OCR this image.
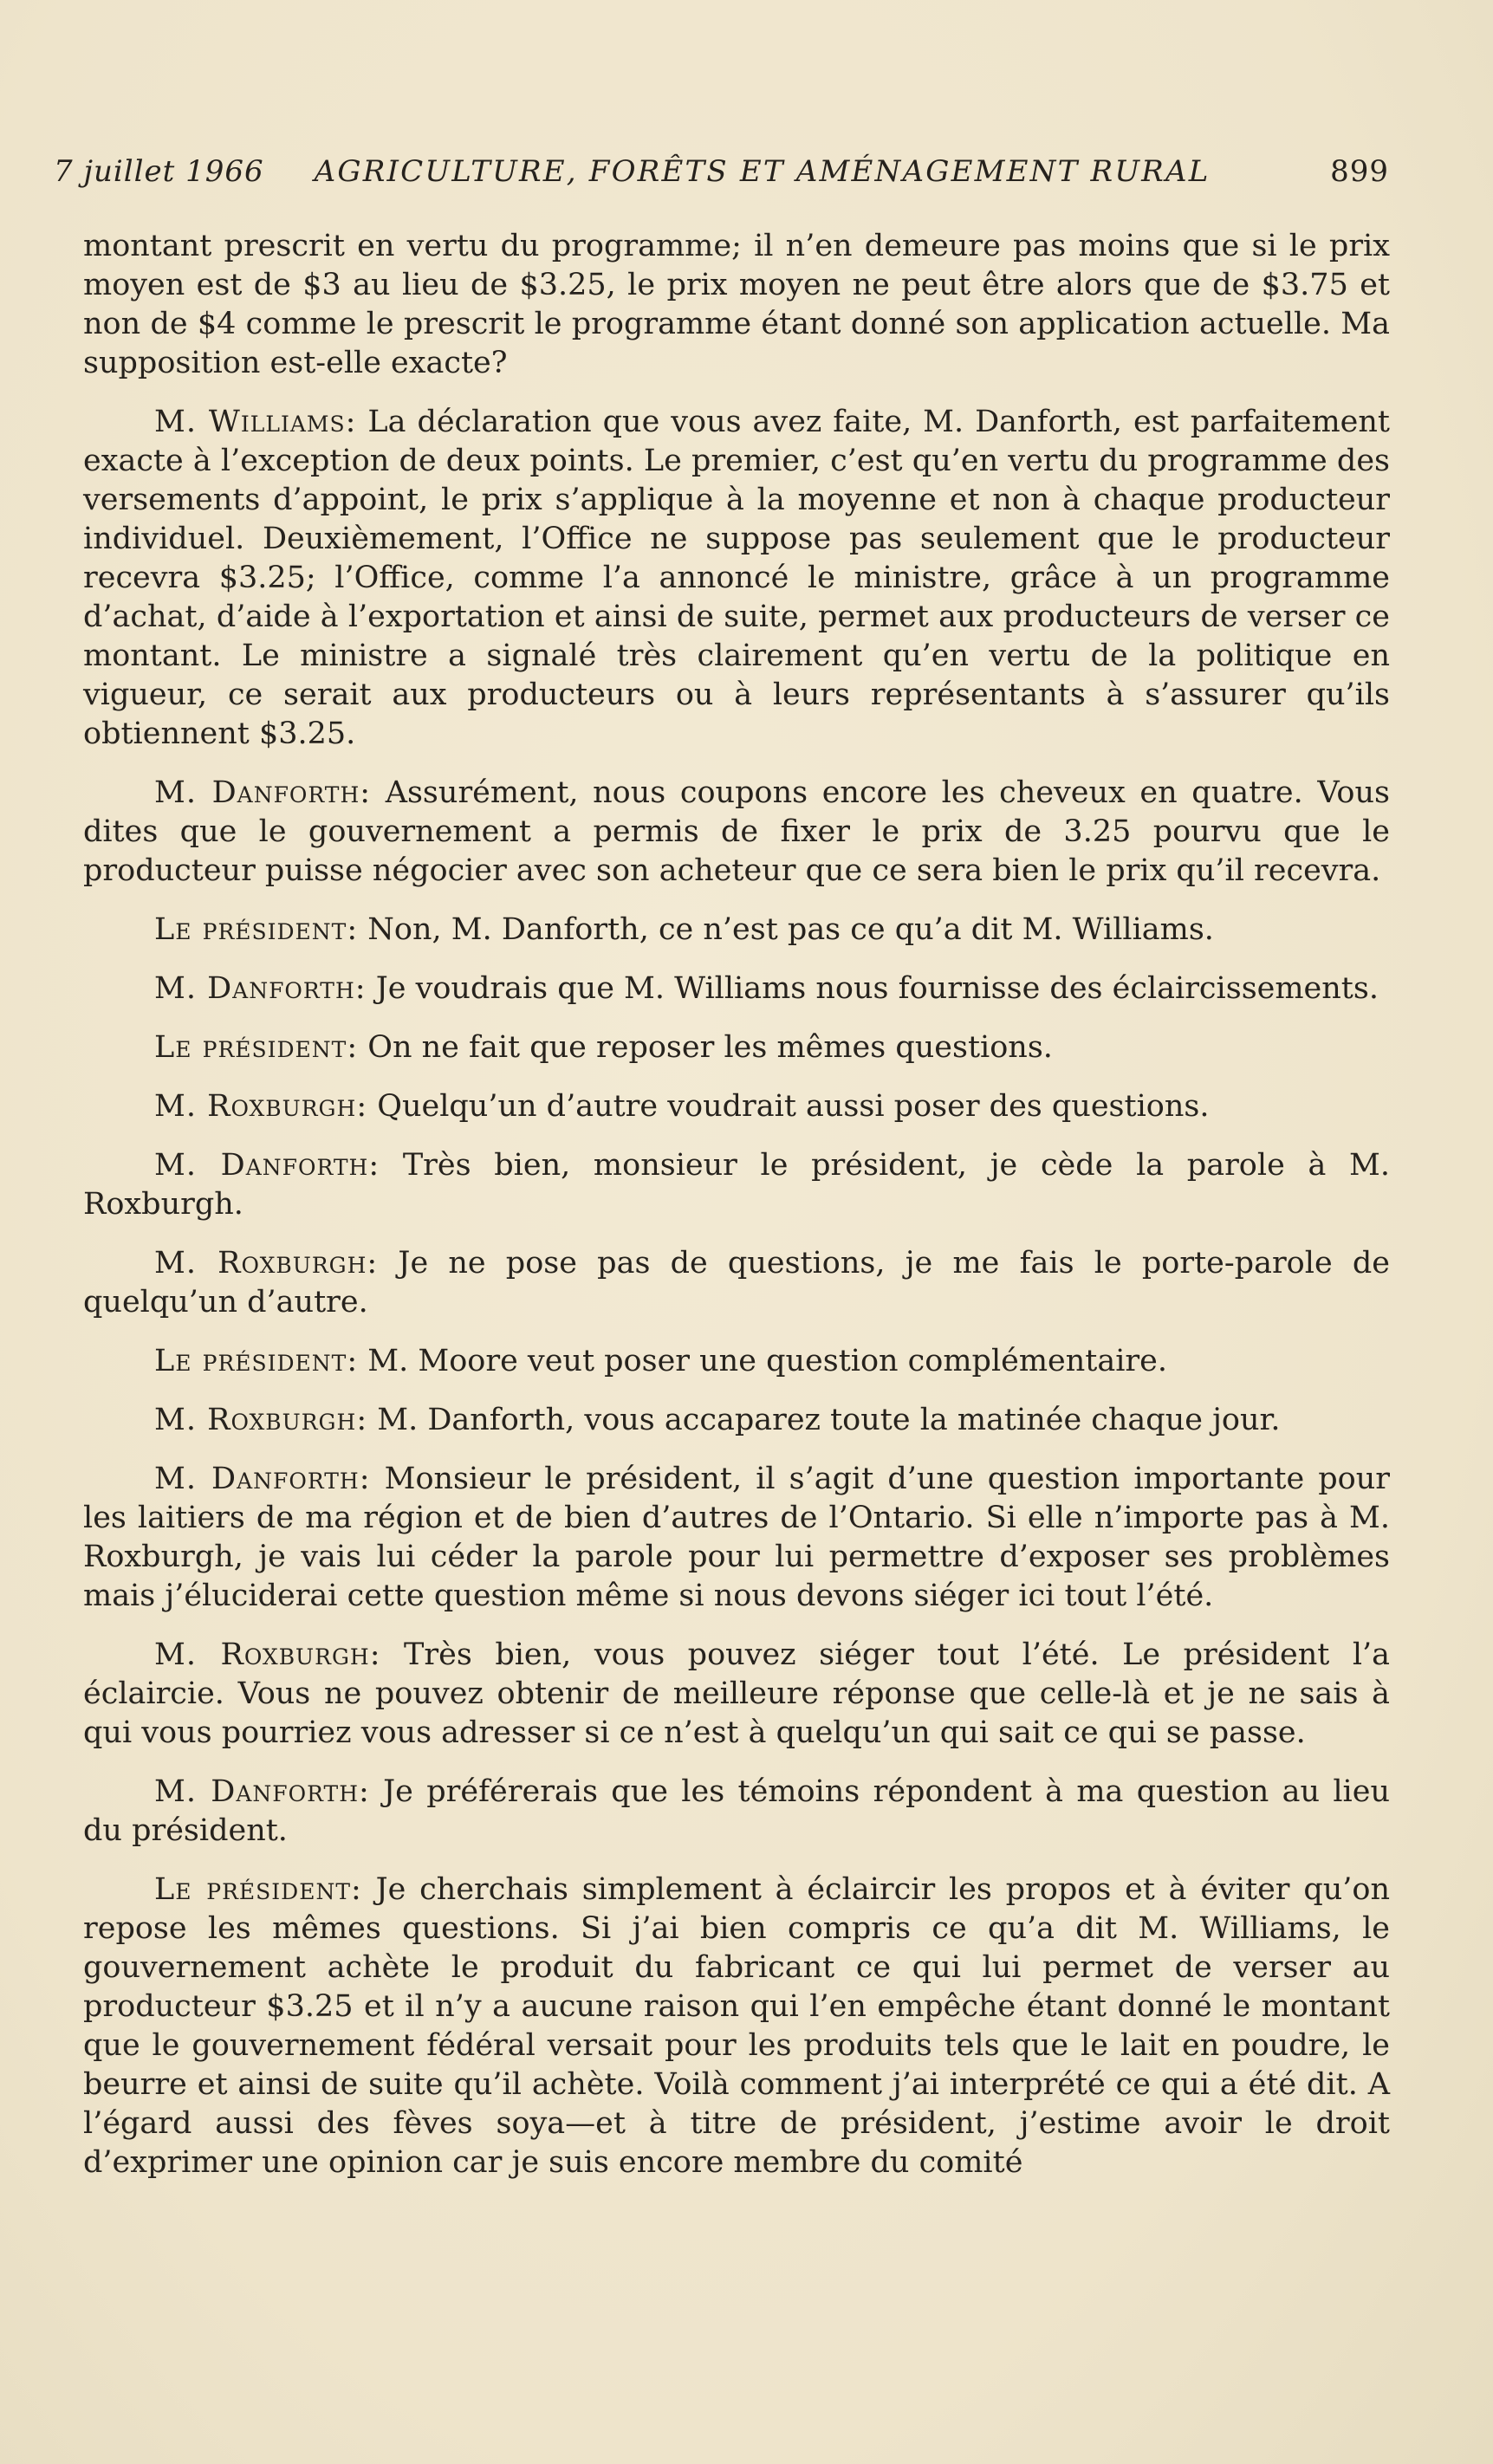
7 juillet 1966 AGRICULTURE, FORÊTS ET AMÉNAGEMENT RURAL	899

montant prescrit en vertu du programme; il n’en demeure pas moins que si le prix moyen est de $3 au lieu de $3.25, le prix moyen ne peut être alors que de $3.75 et non de $4 comme le prescrit le programme étant donné son application actuelle. Ma supposition est-elle exacte?

M. Williams: La déclaration que vous avez faite, M. Danforth, est parfaitement exacte à l’exception de deux points. Le premier, c’est qu’en vertu du programme des versements d’appoint, le prix s’applique à la moyenne et non à chaque producteur individuel. Deuxièmement, l’Office ne suppose pas seulement que le producteur recevra $3.25; l’Office, comme l’a annoncé le ministre, grâce à un programme d’achat, d’aide à l’exportation et ainsi de suite, permet aux producteurs de verser ce montant. Le ministre a signalé très clairement qu’en vertu de la politique en vigueur, ce serait aux producteurs ou à leurs représentants à s’assurer qu’ils obtiennent $3.25.

M. Danforth: Assurément, nous coupons encore les cheveux en quatre. Vous dites que le gouvernement a permis de fixer le prix de 3.25 pourvu que le producteur puisse négocier avec son acheteur que ce sera bien le prix qu’il recevra.

Le président: Non, M. Danforth, ce n’est pas ce qu’a dit M. Williams.

M. Danforth: Je voudrais que M. Williams nous fournisse des éclaircissements.

Le président: On ne fait que reposer les mêmes questions.

M. Roxburgh: Quelqu’un d’autre voudrait aussi poser des questions.

M. Danforth: Très bien, monsieur le président, je cède la parole à M. Roxburgh.

M. Roxburgh: Je ne pose pas de questions, je me fais le porte-parole de quelqu’un d’autre.

Le président: M. Moore veut poser une question complémentaire.

M. Roxburgh: M. Danforth, vous accaparez toute la matinée chaque jour.

M. Danforth: Monsieur le président, il s’agit d’une question importante pour les laitiers de ma région et de bien d’autres de l’Ontario. Si elle n’importe pas à M. Roxburgh, je vais lui céder la parole pour lui permettre d’exposer ses problèmes mais j’éluciderai cette question même si nous devons siéger ici tout l’été.

M. Roxburgh: Très bien, vous pouvez siéger tout l’été. Le président l’a éclaircie. Vous ne pouvez obtenir de meilleure réponse que celle-là et je ne sais à qui vous pourriez vous adresser si ce n’est à quelqu’un qui sait ce qui se passe.

M. Danforth: Je préférerais que les témoins répondent à ma question au lieu du président.

Le président: Je cherchais simplement à éclaircir les propos et à éviter qu’on repose les mêmes questions. Si j’ai bien compris ce qu’a dit M. Williams, le gouvernement achète le produit du fabricant ce qui lui permet de verser au producteur $3.25 et il n’y a aucune raison qui l’en empêche étant donné le montant que le gouvernement fédéral versait pour les produits tels que le lait en poudre, le beurre et ainsi de suite qu’il achète. Voilà comment j’ai interprété ce qui a été dit. A l’égard aussi des fèves soya—et à titre de président, j’estime avoir le droit d’exprimer une opinion car je suis encore membre du comité
